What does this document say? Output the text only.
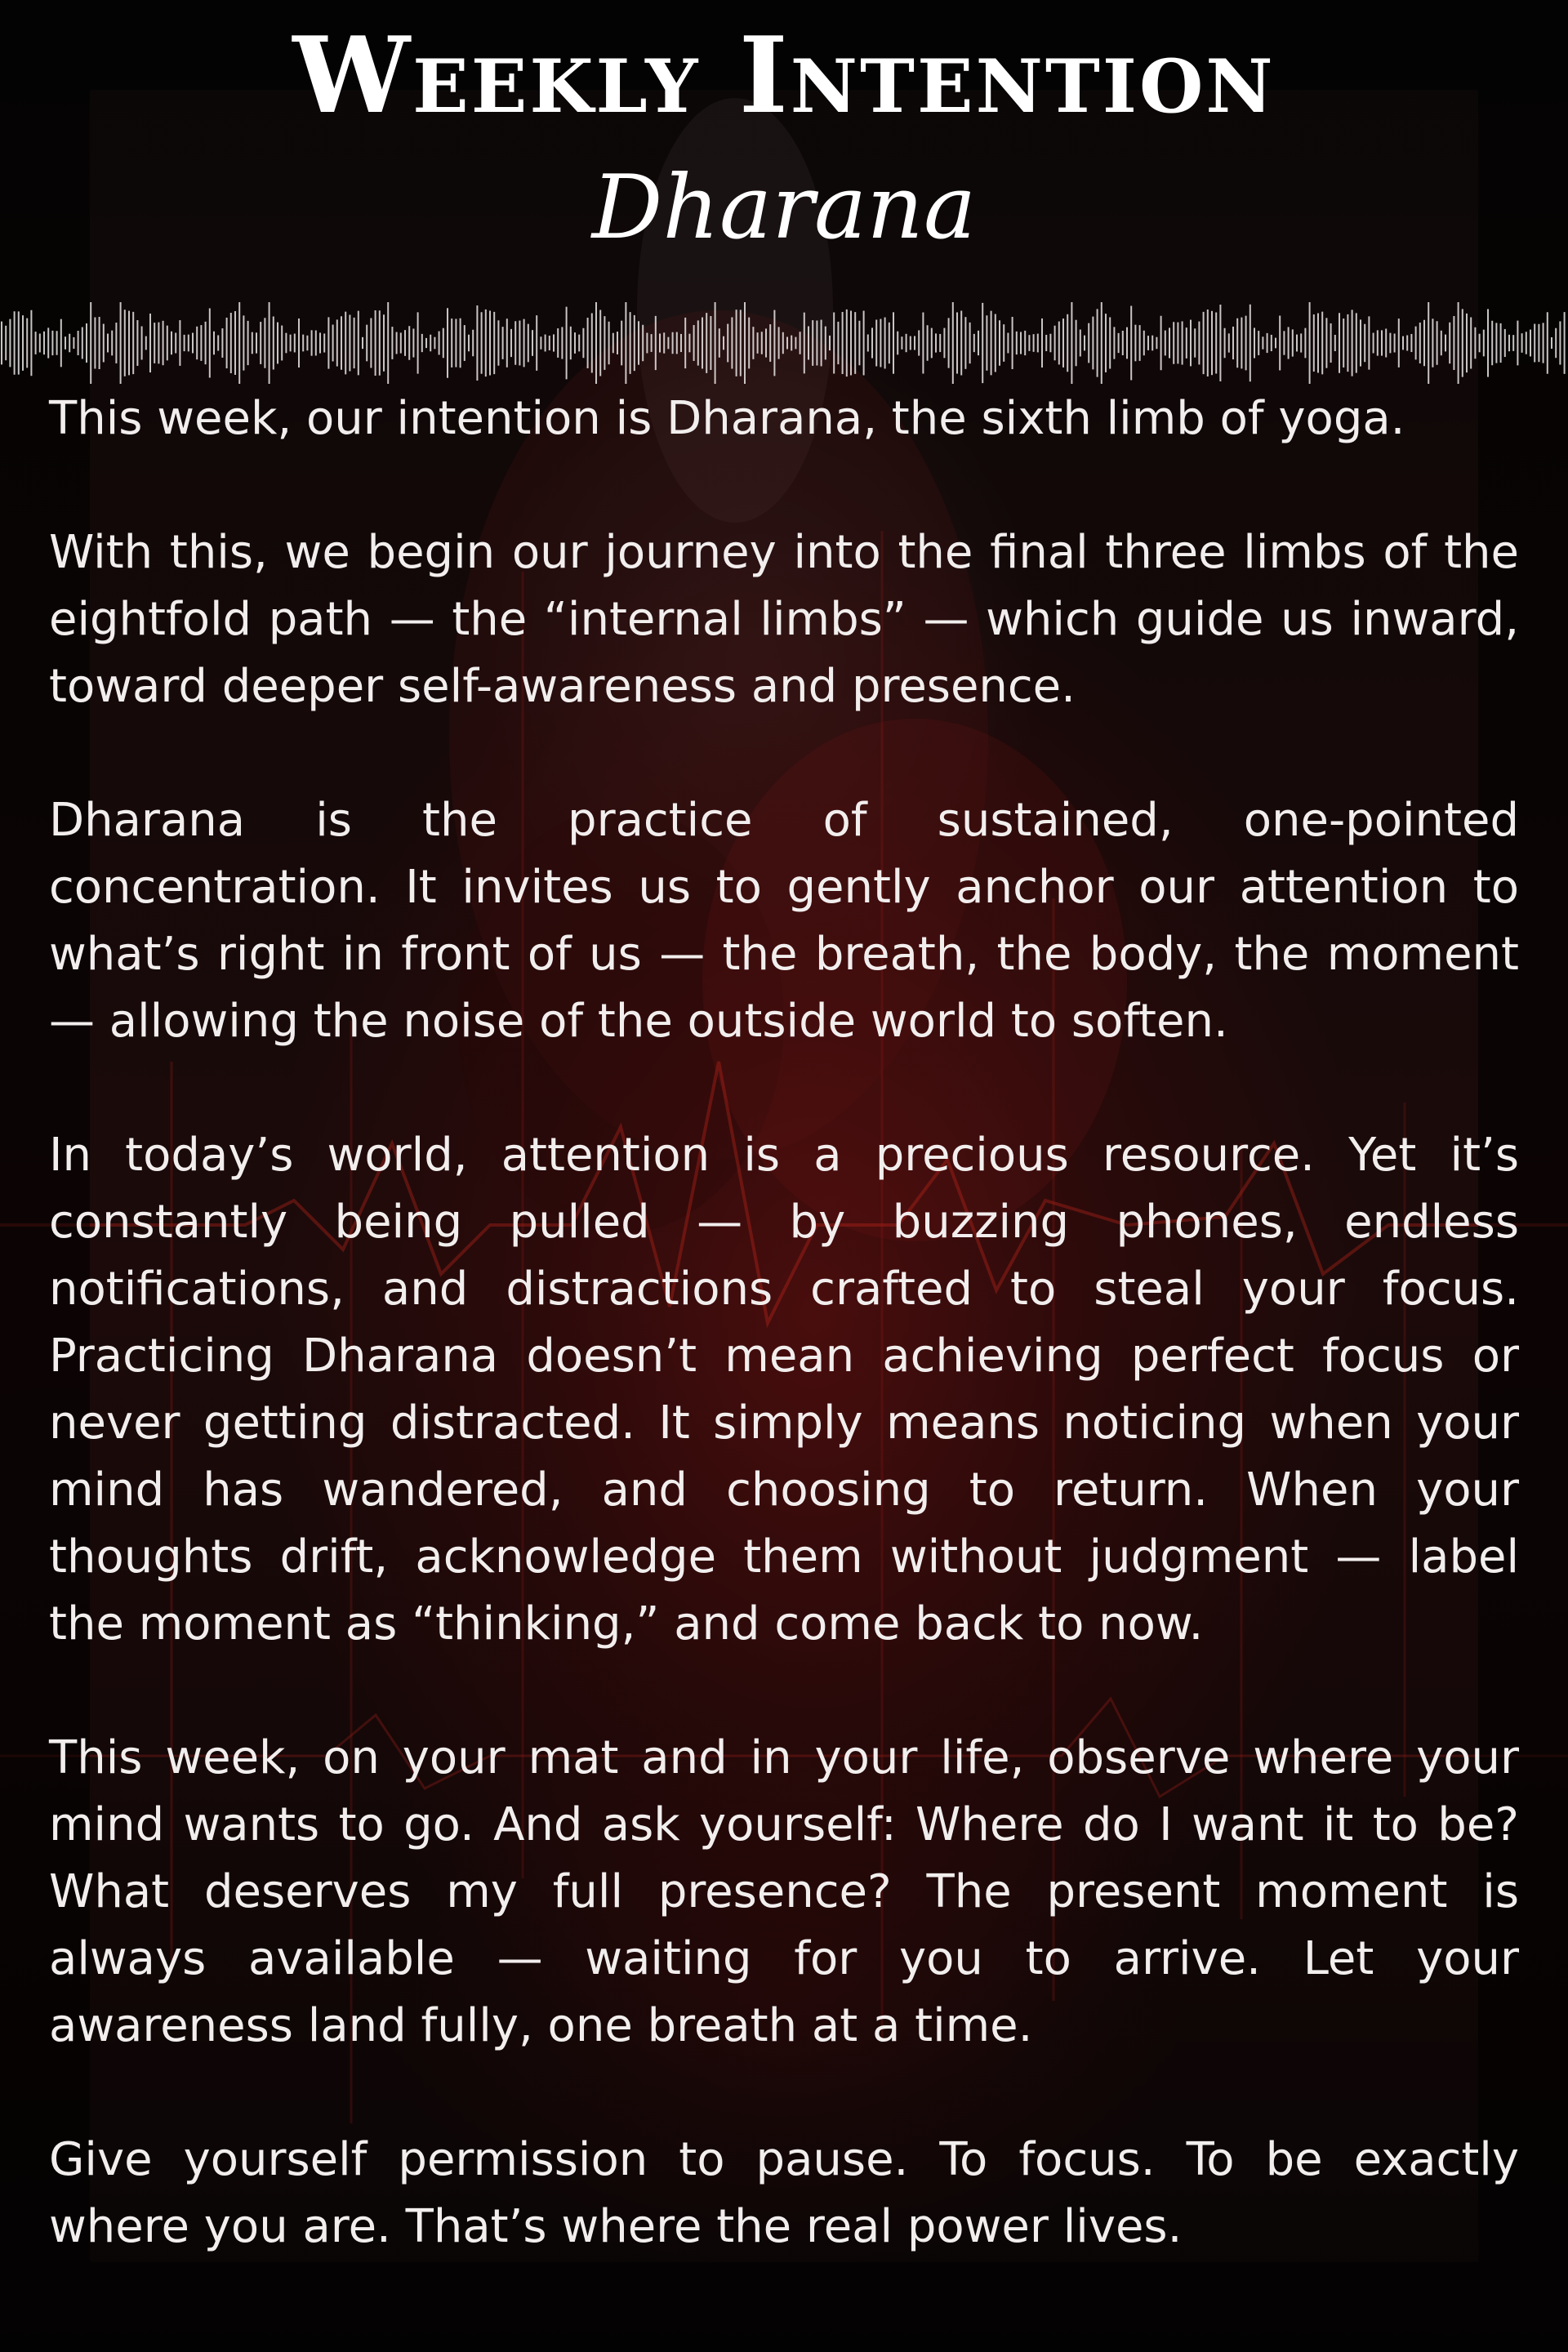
Weekly Intention
Dharana

This week, our intention is Dharana, the sixth limb of yoga.

With this, we begin our journey into the final three limbs of the eightfold path — the “internal limbs” — which guide us inward, toward deeper self-awareness and presence.

Dharana is the practice of sustained, one-pointed concentration. It invites us to gently anchor our attention to what’s right in front of us — the breath, the body, the moment — allowing the noise of the outside world to soften.

In today’s world, attention is a precious resource. Yet it’s constantly being pulled — by buzzing phones, endless notifications, and distractions crafted to steal your focus. Practicing Dharana doesn’t mean achieving perfect focus or never getting distracted. It simply means noticing when your mind has wandered, and choosing to return. When your thoughts drift, acknowledge them without judgment — label the moment as “thinking,” and come back to now.

This week, on your mat and in your life, observe where your mind wants to go. And ask yourself: Where do I want it to be? What deserves my full presence? The present moment is always available — waiting for you to arrive. Let your awareness land fully, one breath at a time.

Give yourself permission to pause. To focus. To be exactly where you are. That’s where the real power lives.
